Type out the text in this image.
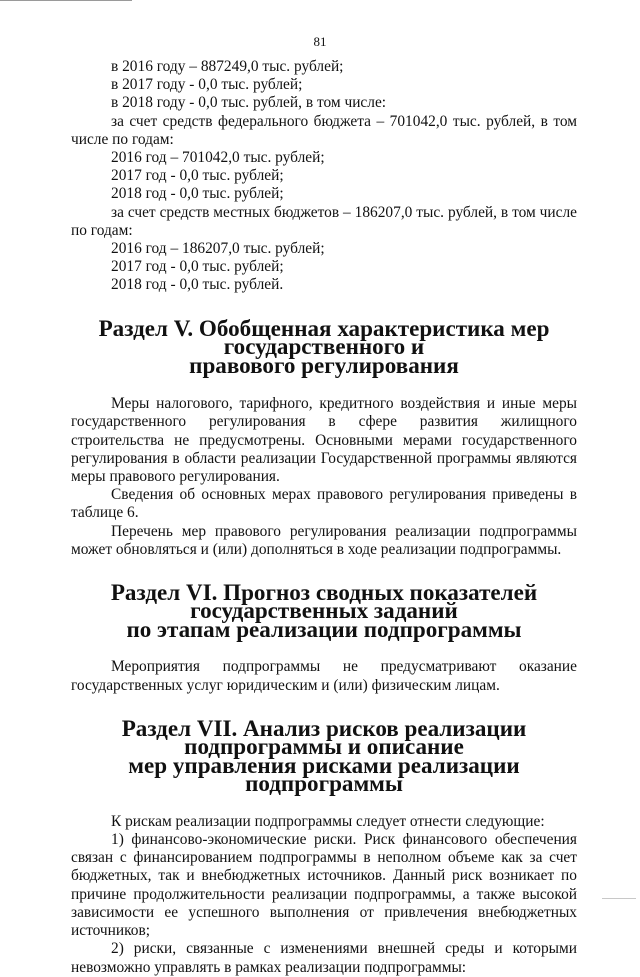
81

в 2016 году – 887249,0 тыс. рублей;

в 2017 году - 0,0 тыс. рублей;

в 2018 году - 0,0 тыс. рублей, в том числе:

за счет средств федерального бюджета – 701042,0 тыс. рублей, в том числе по годам:

2016 год – 701042,0 тыс. рублей;

2017 год - 0,0 тыс. рублей;

2018 год - 0,0 тыс. рублей;

за счет средств местных бюджетов – 186207,0 тыс. рублей, в том числе по годам:

2016 год – 186207,0 тыс. рублей;

2017 год - 0,0 тыс. рублей;

2018 год - 0,0 тыс. рублей.

Раздел V. Обобщенная характеристика мер государственного и
правового регулирования

Меры налогового, тарифного, кредитного воздействия и иные меры государственного регулирования в сфере развития жилищного строительства не предусмотрены. Основными мерами государственного регулирования в области реализации Государственной программы являются меры правового регулирования.

Сведения об основных мерах правового регулирования приведены в таблице 6.

Перечень мер правового регулирования реализации подпрограммы может обновляться и (или) дополняться в ходе реализации подпрограммы.

Раздел VI. Прогноз сводных показателей государственных заданий
по этапам реализации подпрограммы

Мероприятия подпрограммы не предусматривают оказание государственных услуг юридическим и (или) физическим лицам.

Раздел VII. Анализ рисков реализации подпрограммы и описание
мер управления рисками реализации подпрограммы

К рискам реализации подпрограммы следует отнести следующие:

1) финансово-экономические риски. Риск финансового обеспечения связан с финансированием подпрограммы в неполном объеме как за счет бюджетных, так и внебюджетных источников. Данный риск возникает по причине продолжительности реализации подпрограммы, а также высокой зависимости ее успешного выполнения от привлечения внебюджетных источников;

2) риски, связанные с изменениями внешней среды и которыми невозможно управлять в рамках реализации подпрограммы:
